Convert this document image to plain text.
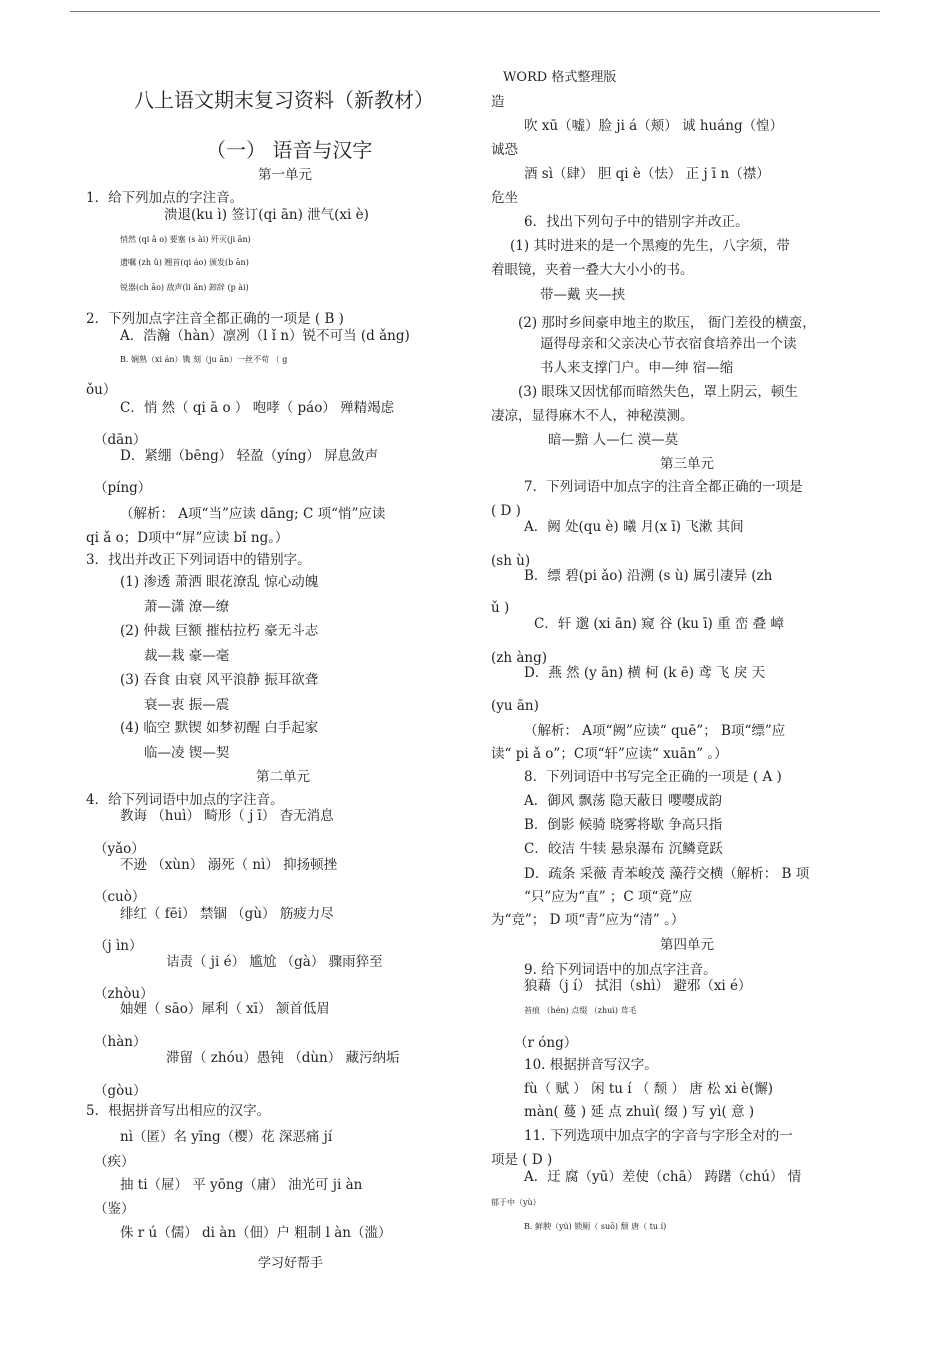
WORD 格式整理版
八上语文期末复习资料（新教材）
（一） 语音与汉字
第一单元
1．给下列加点的字注音。
溃退(ku ì) 签订(qi ān) 泄气(xi è)
悄然 (qi ǎ o) 要塞 (s ài) 歼灭(ji ān)
遗嘱 (zh ǔ) 翘首(qi áo) 颁发(b ān)
锐器(ch āo) 敌声(li ǎn) 卸辞 (p ài)
2．下列加点字注音全都正确的一项是 ( B )
A．浩瀚（hàn）凛冽（l ǐ n）锐不可当 (d ǎng)
B. 娴熟（xi án）镌 刻（ju ān）一丝不苟 （ g
ǒu）
C．悄 然（ qi ā o ） 咆哮（ páo） 殚精竭虑
（dān）
D．紧绷（bēng） 轻盈（yíng） 屏息敛声
（píng）
（解析： A项“当”应读 dāng; C 项“悄”应读
qi ǎ o；D项中“屏”应读 bǐ ng。）
3．找出并改正下列词语中的错别字。
(1) 渗透 萧洒 眼花潦乱 惊心动魄
萧—潇 潦—缭
(2) 仲裁 巨额 摧枯拉朽 豪无斗志
裁—栽 豪—毫
(3) 吞食 由衰 风平浪静 振耳欲聋
衰—衷 振—震
(4) 临空 默锲 如梦初醒 白手起家
临—凌 锲—契
第二单元
4．给下列词语中加点的字注音。
教诲 （huì） 畸形（ j ī） 杳无消息
（yǎo）
不逊 （xùn） 溺死（ nì） 抑扬顿挫
（cuò）
绯红（ fēi） 禁锢 （gù） 筋疲力尽
（j ìn）
诘责（ ji é） 尴尬 （gà） 骤雨猝至
（zhòu）
妯娌（ sāo）犀利（ xī） 颔首低眉
（hàn）
滞留（ zhóu）愚钝 （dùn） 藏污纳垢
（gòu）
5．根据拼音写出相应的汉字。
nì（匿）名 yīng（樱）花 深恶痛 jí
（疾）
抽 ti（屉） 平 yōng（庸） 油光可 ji àn
（鉴）
侏 r ú（儒） di àn（佃）户 粗制 l àn（滥）
造
吹 xū（嘘）脸 ji á（颊） 诚 huáng（惶）
诚恐
酒 sì（肆） 胆 qi è（怯） 正 j ī n（襟）
危坐
6．找出下列句子中的错别字并改正。
(1) 其时进来的是一个黑瘦的先生，八字须，带
着眼镜，夹着一叠大大小小的书。
带—戴 夹—挟
(2) 那时乡间豪申地主的欺压， 衙门差役的横蛮，
逼得母亲和父亲决心节衣宿食培养出一个读
书人来支撑门户。申—绅 宿—缩
(3) 眼珠又因忧郁而暗然失色，罩上阴云，顿生
凄凉，显得麻木不人，神秘漠测。
暗—黯 人—仁 漠—莫
第三单元
7．下列词语中加点字的注音全都正确的一项是
( D )
A．阙 处(qu è) 曦 月(x ī) 飞漱 其间
(sh ù)
B．缥 碧(pi ǎo) 沿溯 (s ù) 属引凄异 (zh
ǔ )
C．轩 邈 (xi ān) 窥 谷 (ku ī) 重 峦 叠 嶂
(zh àng)
D．燕 然 (y ān) 横 柯 (k ē) 鸢 飞 戾 天
(yu ān)
（解析： A项“阙”应读“ quē”； B项“缥”应
读“ pi ǎ o”；C项“轩”应读“ xuān” 。）
8．下列词语中书写完全正确的一项是 ( A )
A．御风 飘荡 隐天蔽日 嘤嘤成韵
B．倒影 候骑 晓雾将歇 争高只指
C．皎洁 牛犊 悬泉瀑布 沉鳞竟跃
D．疏条 采薇 青苯峻茂 藻荇交横（解析： B 项
“只”应为“直” ；C 项“竟”应
为“竞”； D 项“青”应为“清” 。）
第四单元
9. 给下列词语中的加点字注音。
狼藉（j í） 拭泪（shì） 避邪（xi é）
苔痕 （hén) 点缀 （zhuì) 茸毛
（r óng）
10. 根据拼音写汉字。
fù（ 赋 ） 闲 tu í （ 颓 ） 唐 松 xi è(懈)
màn( 蔓 ) 延 点 zhuì( 缀 ) 写 yì( 意 )
11. 下列选项中加点字的字音与字形全对的一
项是 ( D )
A．迂 腐（yū）差使（chā） 踌躇（chú） 情
郁于中（yù）
B. 鲜腴（yú) 锁厕（ suō) 颓 唐（ tu í)
学习好帮手
